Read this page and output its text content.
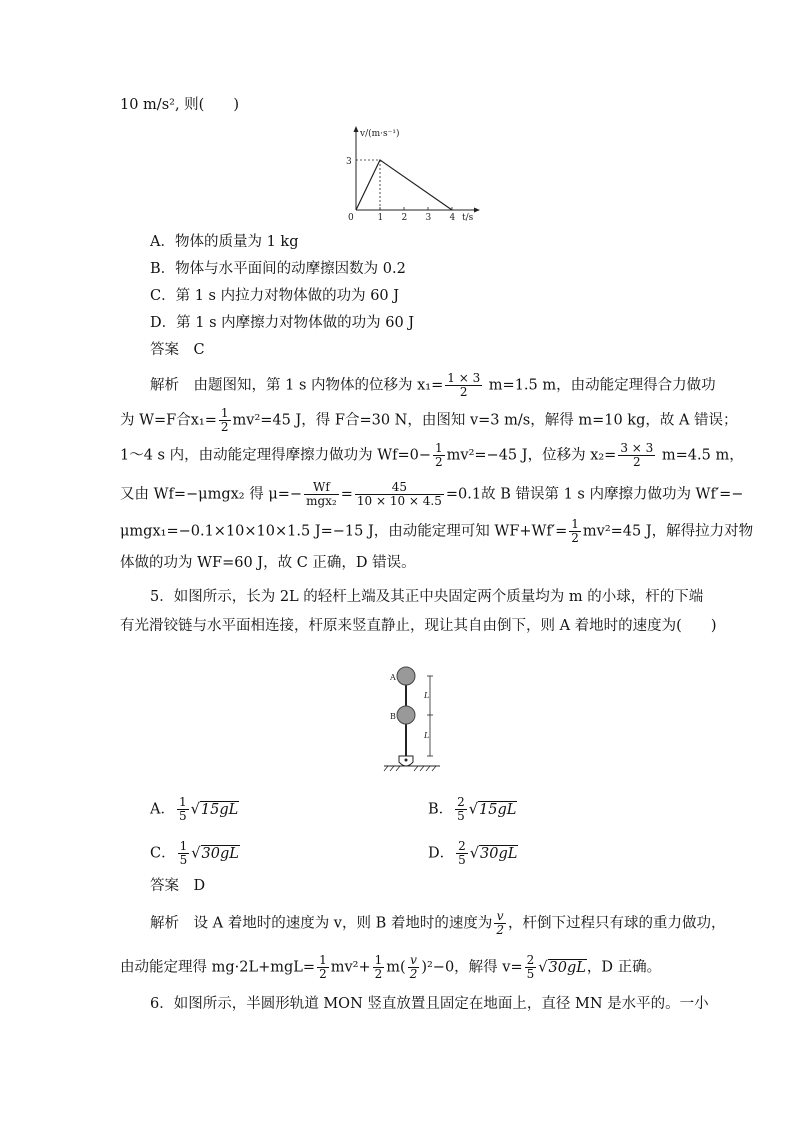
10 m/s², 则(　　)
v/(m·s⁻¹)
t/s
3
0	1 2 3 4
A．物体的质量为 1 kg
B．物体与水平面间的动摩擦因数为 0.2
C．第 1 s 内拉力对物体做的功为 60 J
D．第 1 s 内摩擦力对物体做的功为 60 J
答案　C
解析　由题图知，第 1 s 内物体的位移为 $x_1= \frac{1 \times 3}{2} m=1.5$ m，由动能定理得合力做功
为 W=F合$x_1= \frac{1}{2} mv^2=45$ J，得 F合=30 N，由图知 v=3 m/s，解得 m=10 kg，故 A 错误；
1～4 s 内，由动能定理得摩擦力做功为 $Wf=0- \frac{1}{2} mv^2=-45$ J，位移为 $x_2= \frac{3 \times 3}{2} m=4.5$ m，
又由 Wf=−μmgx₂ 得 $\mu=- \frac{Wf}{\text{mgx₂}} = \frac{45}{10 \times 10 \times 4.5} =0.1$故 B 错误第 1 s 内摩擦力做功为 Wf′=−
μmgx₁=−0.1×10×10×1.5 J=−15 J，由动能定理可知 $WF+Wf'= \frac{1}{2} mv^2=45$ J，解得拉力对物
体做的功为 WF=60 J，故 C 正确，D 错误。
5．如图所示，长为 2L 的轻杆上端及其正中央固定两个质量均为 m 的小球，杆的下端
有光滑铰链与水平面相连接，杆原来竖直静止，现让其自由倒下，则 A 着地时的速度为(　　)
A
B
L
L
A． $\frac{1}{5} √15gL$	B． $\frac{2}{5} √15gL$
C． $\frac{1}{5} √30gL$	D． $\frac{2}{5} √30gL$
答案　D
解析　设 A 着地时的速度为 v，则 B 着地时的速度为 $\frac{v}{2}$ ，杆倒下过程只有球的重力做功，
由动能定理得 $mg\cdot 2L+mgL= \frac{1}{2} mv^2+ \frac{1}{2} m( \frac{v}{2} )^2-0$，解得 $v= \frac{2}{5} √30gL$，D 正确。
6．如图所示，半圆形轨道 MON 竖直放置且固定在地面上，直径 MN 是水平的。一小
